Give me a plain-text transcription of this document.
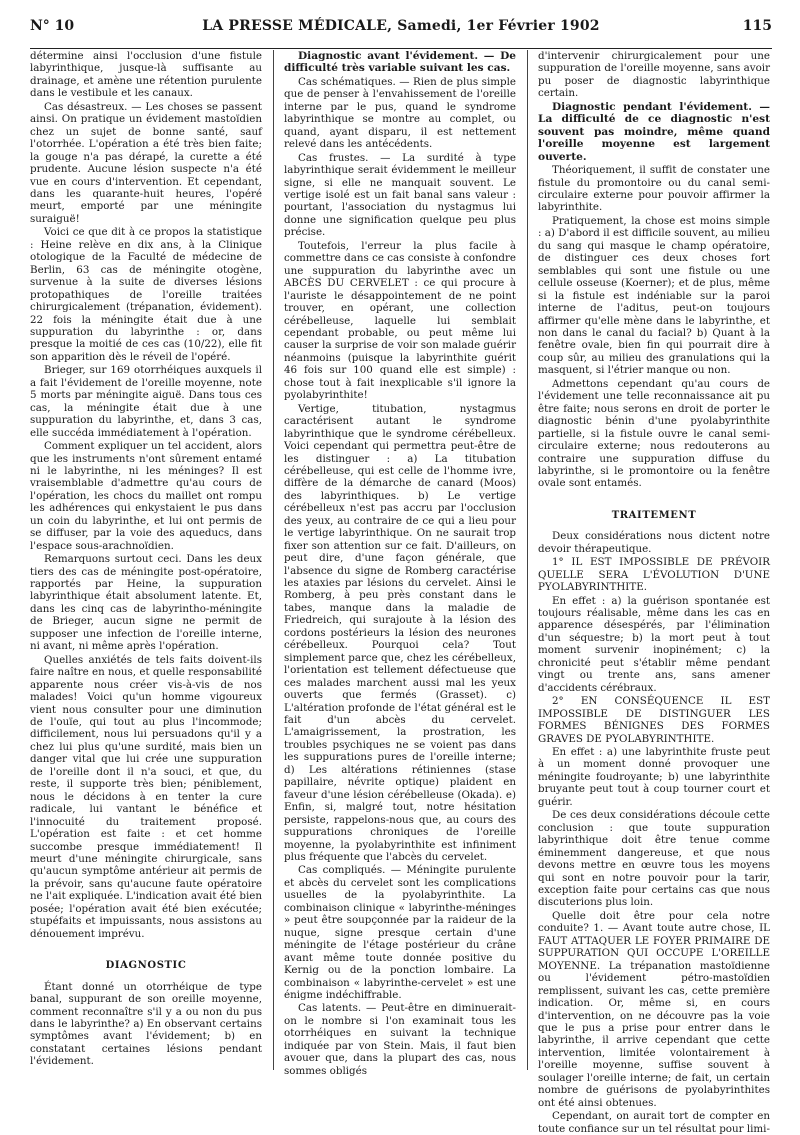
N° 10	LA PRESSE MÉDICALE, Samedi, 1er Février 1902	115

détermine ainsi l'occlusion d'une fistule labyrinthique, jusque-là suffisante au drainage, et amène une rétention purulente dans le vestibule et les canaux.

Cas désastreux. — Les choses se passent ainsi. On pratique un évidement mastoïdien chez un sujet de bonne santé, sauf l'otorrhée. L'opération a été très bien faite; la gouge n'a pas dérapé, la curette a été prudente. Aucune lésion suspecte n'a été vue en cours d'intervention. Et cependant, dans les quarante-huit heures, l'opéré meurt, emporté par une méningite suraiguë!

Voici ce que dit à ce propos la statistique : Heine relève en dix ans, à la Clinique otologique de la Faculté de médecine de Berlin, 63 cas de méningite otogène, survenue à la suite de diverses lésions protopathiques de l'oreille traitées chirurgicalement (trépanation, évidement). 22 fois la méningite était due à une suppuration du labyrinthe : or, dans presque la moitié de ces cas (10/22), elle fit son apparition dès le réveil de l'opéré.

Brieger, sur 169 otorrhéiques auxquels il a fait l'évidement de l'oreille moyenne, note 5 morts par méningite aiguë. Dans tous ces cas, la méningite était due à une suppuration du labyrinthe, et, dans 3 cas, elle succéda immédiatement à l'opération.

Comment expliquer un tel accident, alors que les instruments n'ont sûrement entamé ni le labyrinthe, ni les méninges? Il est vraisemblable d'admettre qu'au cours de l'opération, les chocs du maillet ont rompu les adhérences qui enkystaient le pus dans un coin du labyrinthe, et lui ont permis de se diffuser, par la voie des aqueducs, dans l'espace sous-arachnoïdien.

Remarquons surtout ceci. Dans les deux tiers des cas de méningite post-opératoire, rapportés par Heine, la suppuration labyrinthique était absolument latente. Et, dans les cinq cas de labyrintho-méningite de Brieger, aucun signe ne permit de supposer une infection de l'oreille interne, ni avant, ni même après l'opération.

Quelles anxiétés de tels faits doivent-ils faire naître en nous, et quelle responsabilité apparente nous créer vis-à-vis de nos malades! Voici qu'un homme vigoureux vient nous consulter pour une diminution de l'ouïe, qui tout au plus l'incommode; difficilement, nous lui persuadons qu'il y a chez lui plus qu'une surdité, mais bien un danger vital que lui crée une suppuration de l'oreille dont il n'a souci, et que, du reste, il supporte très bien; péniblement, nous le décidons à en tenter la cure radicale, lui vantant le bénéfice et l'innocuité du traitement proposé. L'opération est faite : et cet homme succombe presque immédiatement! Il meurt d'une méningite chirurgicale, sans qu'aucun symptôme antérieur ait permis de la prévoir, sans qu'aucune faute opératoire ne l'ait expliquée. L'indication avait été bien posée; l'opération avait été bien exécutée; stupéfaits et impuissants, nous assistons au dénouement imprévu.

DIAGNOSTIC

Étant donné un otorrhéique de type banal, suppurant de son oreille moyenne, comment reconnaître s'il y a ou non du pus dans le labyrinthe? a) En observant certains symptômes avant l'évidement; b) en constatant certaines lésions pendant l'évidement.

Diagnostic avant l'évidement. — De difficulté très variable suivant les cas.

Cas schématiques. — Rien de plus simple que de penser à l'envahissement de l'oreille interne par le pus, quand le syndrome labyrinthique se montre au complet, ou quand, ayant disparu, il est nettement relevé dans les antécédents.

Cas frustes. — La surdité à type labyrinthique serait évidemment le meilleur signe, si elle ne manquait souvent. Le vertige isolé est un fait banal sans valeur : pourtant, l'association du nystagmus lui donne une signification quelque peu plus précise.

Toutefois, l'erreur la plus facile à commettre dans ce cas consiste à confondre une suppuration du labyrinthe avec un ABCÈS DU CERVELET : ce qui procure à l'auriste le désappointement de ne point trouver, en opérant, une collection cérébelleuse, laquelle lui semblait cependant probable, ou peut même lui causer la surprise de voir son malade guérir néanmoins (puisque la labyrinthite guérit 46 fois sur 100 quand elle est simple) : chose tout à fait inexplicable s'il ignore la pyolabyrinthite!

Vertige, titubation, nystagmus caractérisent autant le syndrome labyrinthique que le syndrome cérébelleux. Voici cependant qui permettra peut-être de les distinguer : a) La titubation cérébelleuse, qui est celle de l'homme ivre, diffère de la démarche de canard (Moos) des labyrinthiques. b) Le vertige cérébelleux n'est pas accru par l'occlusion des yeux, au contraire de ce qui a lieu pour le vertige labyrinthique. On ne saurait trop fixer son attention sur ce fait. D'ailleurs, on peut dire, d'une façon générale, que l'absence du signe de Romberg caractérise les ataxies par lésions du cervelet. Ainsi le Romberg, à peu près constant dans le tabes, manque dans la maladie de Friedreich, qui surajoute à la lésion des cordons postérieurs la lésion des neurones cérébelleux. Pourquoi cela? Tout simplement parce que, chez les cérébelleux, l'orientation est tellement défectueuse que ces malades marchent aussi mal les yeux ouverts que fermés (Grasset). c) L'altération profonde de l'état général est le fait d'un abcès du cervelet. L'amaigrissement, la prostration, les troubles psychiques ne se voient pas dans les suppurations pures de l'oreille interne; d) Les altérations rétiniennes (stase papillaire, névrite optique) plaident en faveur d'une lésion cérébelleuse (Okada). e) Enfin, si, malgré tout, notre hésitation persiste, rappelons-nous que, au cours des suppurations chroniques de l'oreille moyenne, la pyolabyrinthite est infiniment plus fréquente que l'abcès du cervelet.

Cas compliqués. — Méningite purulente et abcès du cervelet sont les complications usuelles de la pyolabyrinthite. La combinaison clinique « labyrinthe-méninges » peut être soupçonnée par la raideur de la nuque, signe presque certain d'une méningite de l'étage postérieur du crâne avant même toute donnée positive du Kernig ou de la ponction lombaire. La combinaison « labyrinthe-cervelet » est une énigme indéchiffrable.

Cas latents. — Peut-être en diminuerait-on le nombre si l'on examinait tous les otorrhéiques en suivant la technique indiquée par von Stein. Mais, il faut bien avouer que, dans la plupart des cas, nous sommes obligés

d'intervenir chirurgicalement pour une suppuration de l'oreille moyenne, sans avoir pu poser de diagnostic labyrinthique certain.

Diagnostic pendant l'évidement. — La difficulté de ce diagnostic n'est souvent pas moindre, même quand l'oreille moyenne est largement ouverte.

Théoriquement, il suffit de constater une fistule du promontoire ou du canal semi-circulaire externe pour pouvoir affirmer la labyrinthite.

Pratiquement, la chose est moins simple : a) D'abord il est difficile souvent, au milieu du sang qui masque le champ opératoire, de distinguer ces deux choses fort semblables qui sont une fistule ou une cellule osseuse (Koerner); et de plus, même si la fistule est indéniable sur la paroi interne de l'aditus, peut-on toujours affirmer qu'elle mène dans le labyrinthe, et non dans le canal du facial? b) Quant à la fenêtre ovale, bien fin qui pourrait dire à coup sûr, au milieu des granulations qui la masquent, si l'étrier manque ou non.

Admettons cependant qu'au cours de l'évidement une telle reconnaissance ait pu être faite; nous serons en droit de porter le diagnostic bénin d'une pyolabyrinthite partielle, si la fistule ouvre le canal semi-circulaire externe; nous redouterons au contraire une suppuration diffuse du labyrinthe, si le promontoire ou la fenêtre ovale sont entamés.

TRAITEMENT

Deux considérations nous dictent notre devoir thérapeutique.

1° IL EST IMPOSSIBLE DE PRÉVOIR QUELLE SERA L'ÉVOLUTION D'UNE PYOLABYRINTHITE.

En effet : a) la guérison spontanée est toujours réalisable, même dans les cas en apparence désespérés, par l'élimination d'un séquestre; b) la mort peut à tout moment survenir inopinément; c) la chronicité peut s'établir même pendant vingt ou trente ans, sans amener d'accidents cérébraux.

2° EN CONSÉQUENCE IL EST IMPOSSIBLE DE DISTINGUER LES FORMES BÉNIGNES DES FORMES GRAVES DE PYOLABYRINTHITE.

En effet : a) une labyrinthite fruste peut à un moment donné provoquer une méningite foudroyante; b) une labyrinthite bruyante peut tout à coup tourner court et guérir.

De ces deux considérations découle cette conclusion : que toute suppuration labyrinthique doit être tenue comme éminemment dangereuse, et que nous devons mettre en œuvre tous les moyens qui sont en notre pouvoir pour la tarir, exception faite pour certains cas que nous discuterions plus loin.

Quelle doit être pour cela notre conduite? 1. — Avant toute autre chose, IL FAUT ATTAQUER LE FOYER PRIMAIRE DE SUPPURATION QUI OCCUPE L'OREILLE MOYENNE. La trépanation mastoïdienne ou l'évidement pétro-mastoïdien remplissent, suivant les cas, cette première indication. Or, même si, en cours d'intervention, on ne découvre pas la voie que le pus a prise pour entrer dans le labyrinthe, il arrive cependant que cette intervention, limitée volontairement à l'oreille moyenne, suffise souvent à soulager l'oreille interne; de fait, un certain nombre de guérisons de pyolabyrinthites ont été ainsi obtenues.

Cependant, on aurait tort de compter en toute confiance sur un tel résultat pour limi-
